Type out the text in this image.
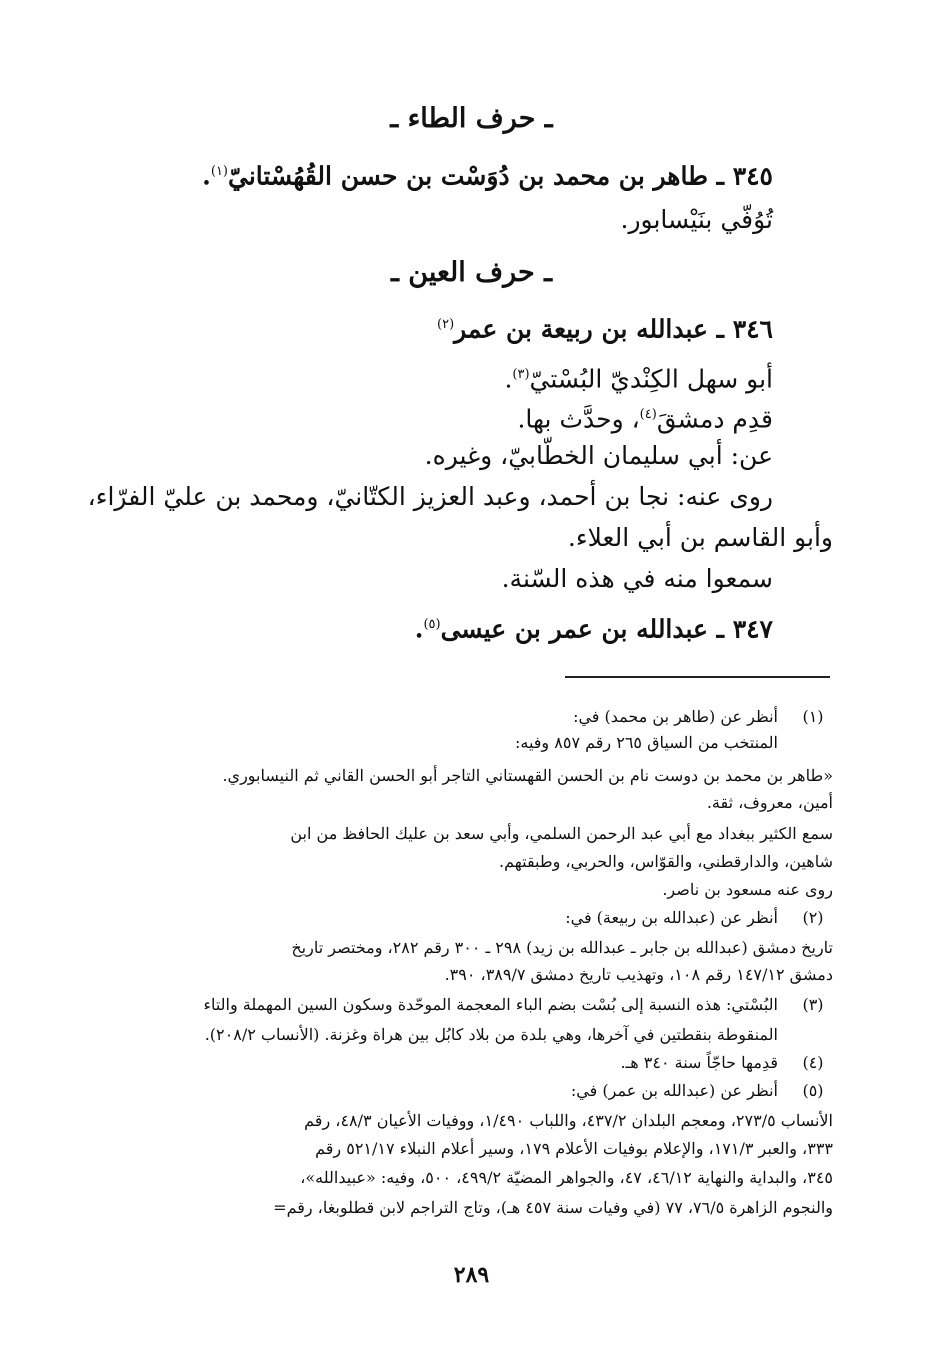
ـ حرف الطاء ـ
٣٤٥ ـ طاهر بن محمد بن دُوَسْت بن حسن القُهُسْتانيّ$^{(١)}$.
تُوُفّي بنَيْسابور.
ـ حرف العين ـ
٣٤٦ ـ عبدالله بن ربيعة بن عمر$^{(٢)}$
أبو سهل الكِنْديّ البُسْتيّ$^{(٣)}$.
قدِم دمشقَ$^{(٤)}$، وحدَّث بها.
عن: أبي سليمان الخطّابيّ، وغيره.
روى عنه: نجا بن أحمد، وعبد العزيز الكتّانيّ، ومحمد بن عليّ الفرّاء،
وأبو القاسم بن أبي العلاء.
سمعوا منه في هذه السّنة.
٣٤٧ ـ عبدالله بن عمر بن عيسى$^{(٥)}$.
(١)
أنظر عن (طاهر بن محمد) في:
المنتخب من السياق ٢٦٥ رقم ٨٥٧ وفيه:
«طاهر بن محمد بن دوست نام بن الحسن القهستاني التاجر أبو الحسن القاني ثم النيسابوري.
أمين، معروف، ثقة.
سمع الكثير ببغداد مع أبي عبد الرحمن السلمي، وأبي سعد بن عليك الحافظ من ابن
شاهين، والدارقطني، والقوّاس، والحربي، وطبقتهم.
روى عنه مسعود بن ناصر.
(٢)
أنظر عن (عبدالله بن ربيعة) في:
تاريخ دمشق (عبدالله بن جابر ـ عبدالله بن زيد) ٢٩٨ ـ ٣٠٠ رقم ٢٨٢، ومختصر تاريخ
دمشق ١٤٧/١٢ رقم ١٠٨، وتهذيب تاريخ دمشق ٣٨٩/٧، ٣٩٠.
(٣)
البُسْتي: هذه النسبة إلى بُسْت بضم الباء المعجمة الموحّدة وسكون السين المهملة والتاء
المنقوطة بنقطتين في آخرها، وهي بلدة من بلاد كابُل بين هراة وغزنة. (الأنساب ٢٠٨/٢).
(٤)
قدِمها حاجّاً سنة ٣٤٠ هـ.
(٥)
أنظر عن (عبدالله بن عمر) في:
الأنساب ٢٧٣/٥، ومعجم البلدان ٤٣٧/٢، واللباب ١/٤٩٠، ووفيات الأعيان ٤٨/٣، رقم
٣٣٣، والعبر ١٧١/٣، والإعلام بوفيات الأعلام ١٧٩، وسير أعلام النبلاء ٥٢١/١٧ رقم
٣٤٥، والبداية والنهاية ٤٦/١٢، ٤٧، والجواهر المضيّة ٤٩٩/٢، ٥٠٠، وفيه: «عبيدالله»،
والنجوم الزاهرة ٧٦/٥، ٧٧ (في وفيات سنة ٤٥٧ هـ)، وتاج التراجم لابن قطلوبغا، رقم=
٢٨٩
